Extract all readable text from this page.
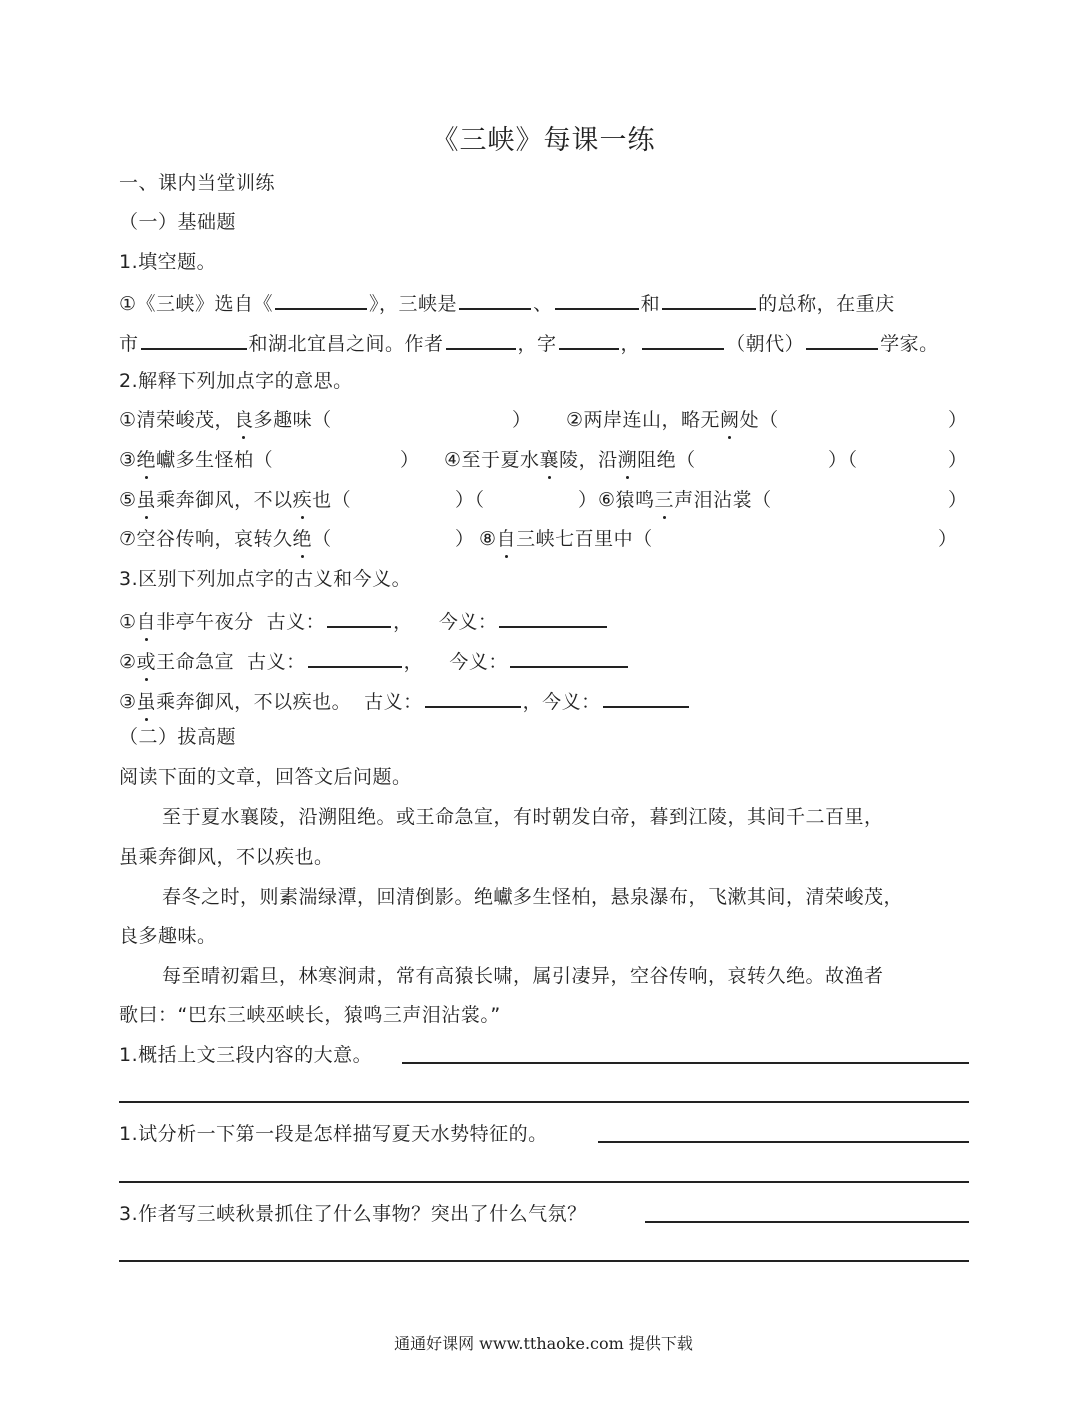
《三峡》每课一练
一、课内当堂训练
（一）基础题
1.填空题。
①《三峡》选自《	》，三峡是	、	和	的总称，在重庆
市	和湖北宜昌之间。作者	，字	，	（朝代）	学家。
2.解释下列加点字的意思。
①清荣峻茂，良多趣味（	） ②两岸连山，略无阙处（	）
③绝巘多生怪柏（	） ④至于夏水襄陵，沿溯阻绝（	）（	）
⑤虽乘奔御风，不以疾也（	）（	） ⑥猿鸣三声泪沾裳（	）
⑦空谷传响，哀转久绝（	） ⑧自三峡七百里中（	）
3.区别下列加点字的古义和今义。
①自非亭午夜分  古义：	，    今义：
②或王命急宣  古义：	，    今义：
③虽乘奔御风，不以疾也。  古义：	，今义：
（二）拔高题
阅读下面的文章，回答文后问题。
至于夏水襄陵，沿溯阻绝。或王命急宣，有时朝发白帝，暮到江陵，其间千二百里，
虽乘奔御风，不以疾也。
春冬之时，则素湍绿潭，回清倒影。绝巘多生怪柏，悬泉瀑布，飞漱其间，清荣峻茂，
良多趣味。
每至晴初霜旦，林寒涧肃，常有高猿长啸，属引凄异，空谷传响，哀转久绝。故渔者
歌曰：“巴东三峡巫峡长，猿鸣三声泪沾裳。”
1.概括上文三段内容的大意。
1.试分析一下第一段是怎样描写夏天水势特征的。
3.作者写三峡秋景抓住了什么事物？突出了什么气氛？
通通好课网 www.tthaoke.com 提供下载
